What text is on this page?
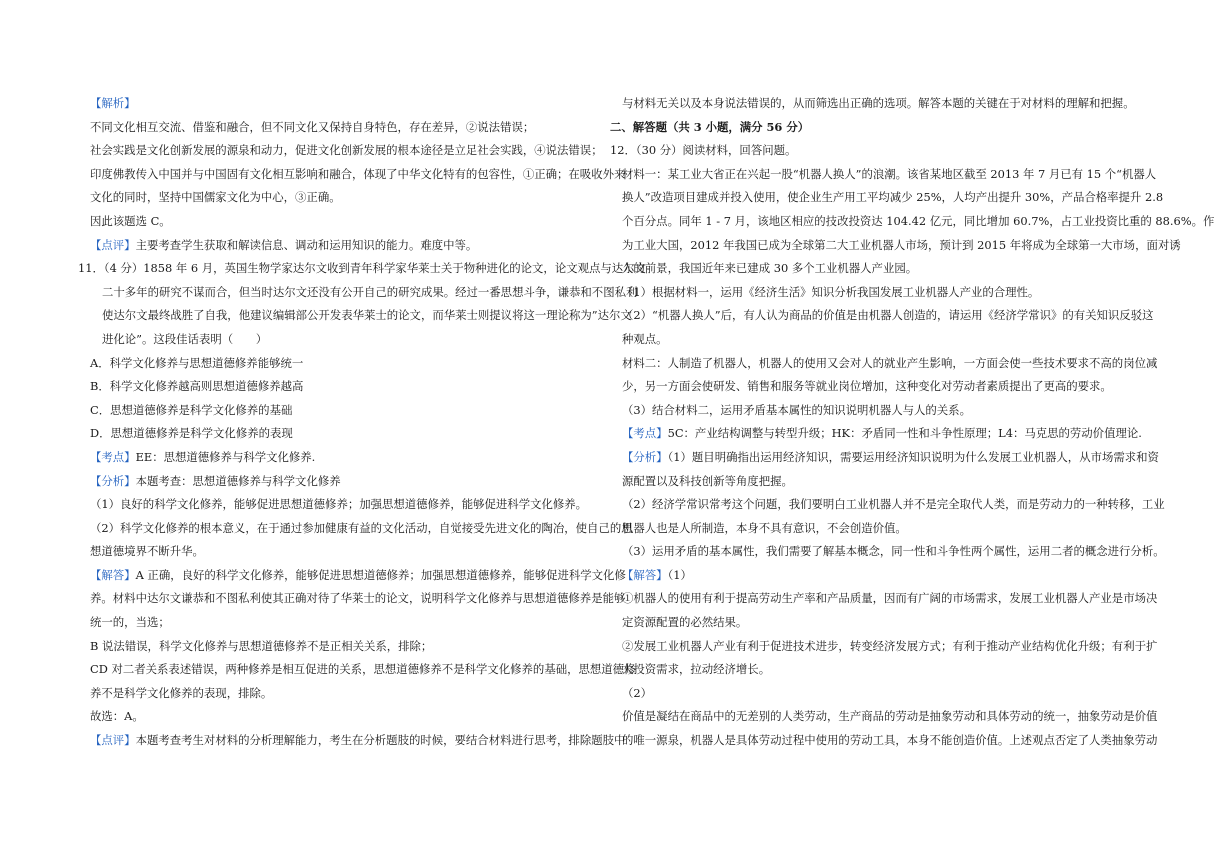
【解析】
不同文化相互交流、借鉴和融合，但不同文化又保持自身特色，存在差异，②说法错误；
社会实践是文化创新发展的源泉和动力，促进文化创新发展的根本途径是立足社会实践，④说法错误；
印度佛教传入中国并与中国固有文化相互影响和融合，体现了中华文化特有的包容性，①正确；在吸收外来
文化的同时，坚持中国儒家文化为中心，③正确。
因此该题选 C。
【点评】主要考查学生获取和解读信息、调动和运用知识的能力。难度中等。
11．（4 分）1858 年 6 月，英国生物学家达尔文收到青年科学家华莱士关于物种进化的论文，论文观点与达尔文
二十多年的研究不谋而合，但当时达尔文还没有公开自己的研究成果。经过一番思想斗争，谦恭和不图私利
使达尔文最终战胜了自我，他建议编辑部公开发表华莱士的论文，而华莱士则提议将这一理论称为”达尔文
进化论”。这段佳话表明（　　）
A．科学文化修养与思想道德修养能够统一
B．科学文化修养越高则思想道德修养越高
C．思想道德修养是科学文化修养的基础
D．思想道德修养是科学文化修养的表现
【考点】EE：思想道德修养与科学文化修养.
【分析】本题考查：思想道德修养与科学文化修养
（1）良好的科学文化修养，能够促进思想道德修养；加强思想道德修养，能够促进科学文化修养。
（2）科学文化修养的根本意义，在于通过参加健康有益的文化活动，自觉接受先进文化的陶冶，使自己的思
想道德境界不断升华。
【解答】A 正确，良好的科学文化修养，能够促进思想道德修养；加强思想道德修养，能够促进科学文化修
养。材料中达尔文谦恭和不图私利使其正确对待了华莱士的论文，说明科学文化修养与思想道德修养是能够
统一的，当选；
B 说法错误，科学文化修养与思想道德修养不是正相关关系，排除；
CD 对二者关系表述错误，两种修养是相互促进的关系，思想道德修养不是科学文化修养的基础，思想道德修
养不是科学文化修养的表现，排除。
故选：A。
【点评】本题考查考生对材料的分析理解能力，考生在分析题肢的时候，要结合材料进行思考，排除题肢中
与材料无关以及本身说法错误的，从而筛选出正确的选项。解答本题的关键在于对材料的理解和把握。
二、解答题（共 3 小题，满分 56 分）
12．（30 分）阅读材料，回答问题。
材料一：某工业大省正在兴起一股“机器人换人”的浪潮。该省某地区截至 2013 年 7 月已有 15 个“机器人
换人”改造项目建成并投入使用，使企业生产用工平均减少 25%，人均产出提升 30%，产品合格率提升 2.8
个百分点。同年 1 - 7 月，该地区相应的技改投资达 104.42 亿元，同比增加 60.7%，占工业投资比重的 88.6%。作
为工业大国，2012 年我国已成为全球第二大工业机器人市场，预计到 2015 年将成为全球第一大市场，面对诱
人的前景，我国近年来已建成 30 多个工业机器人产业园。
（1）根据材料一，运用《经济生活》知识分析我国发展工业机器人产业的合理性。
（2）“机器人换人”后，有人认为商品的价值是由机器人创造的，请运用《经济学常识》的有关知识反驳这
种观点。
材料二：人制造了机器人，机器人的使用又会对人的就业产生影响，一方面会使一些技术要求不高的岗位减
少，另一方面会使研发、销售和服务等就业岗位增加，这种变化对劳动者素质提出了更高的要求。
（3）结合材料二，运用矛盾基本属性的知识说明机器人与人的关系。
【考点】5C：产业结构调整与转型升级；HK：矛盾同一性和斗争性原理；L4：马克思的劳动价值理论.
【分析】（1）题目明确指出运用经济知识，需要运用经济知识说明为什么发展工业机器人，从市场需求和资
源配置以及科技创新等角度把握。
（2）经济学常识常考这个问题，我们要明白工业机器人并不是完全取代人类，而是劳动力的一种转移，工业
机器人也是人所制造，本身不具有意识，不会创造价值。
（3）运用矛盾的基本属性，我们需要了解基本概念，同一性和斗争性两个属性，运用二者的概念进行分析。
【解答】（1）
①机器人的使用有利于提高劳动生产率和产品质量，因而有广阔的市场需求，发展工业机器人产业是市场决
定资源配置的必然结果。
②发展工业机器人产业有利于促进技术进步，转变经济发展方式；有利于推动产业结构优化升级；有利于扩
大投资需求，拉动经济增长。
（2）
价值是凝结在商品中的无差别的人类劳动，生产商品的劳动是抽象劳动和具体劳动的统一，抽象劳动是价值
的唯一源泉，机器人是具体劳动过程中使用的劳动工具，本身不能创造价值。上述观点否定了人类抽象劳动
